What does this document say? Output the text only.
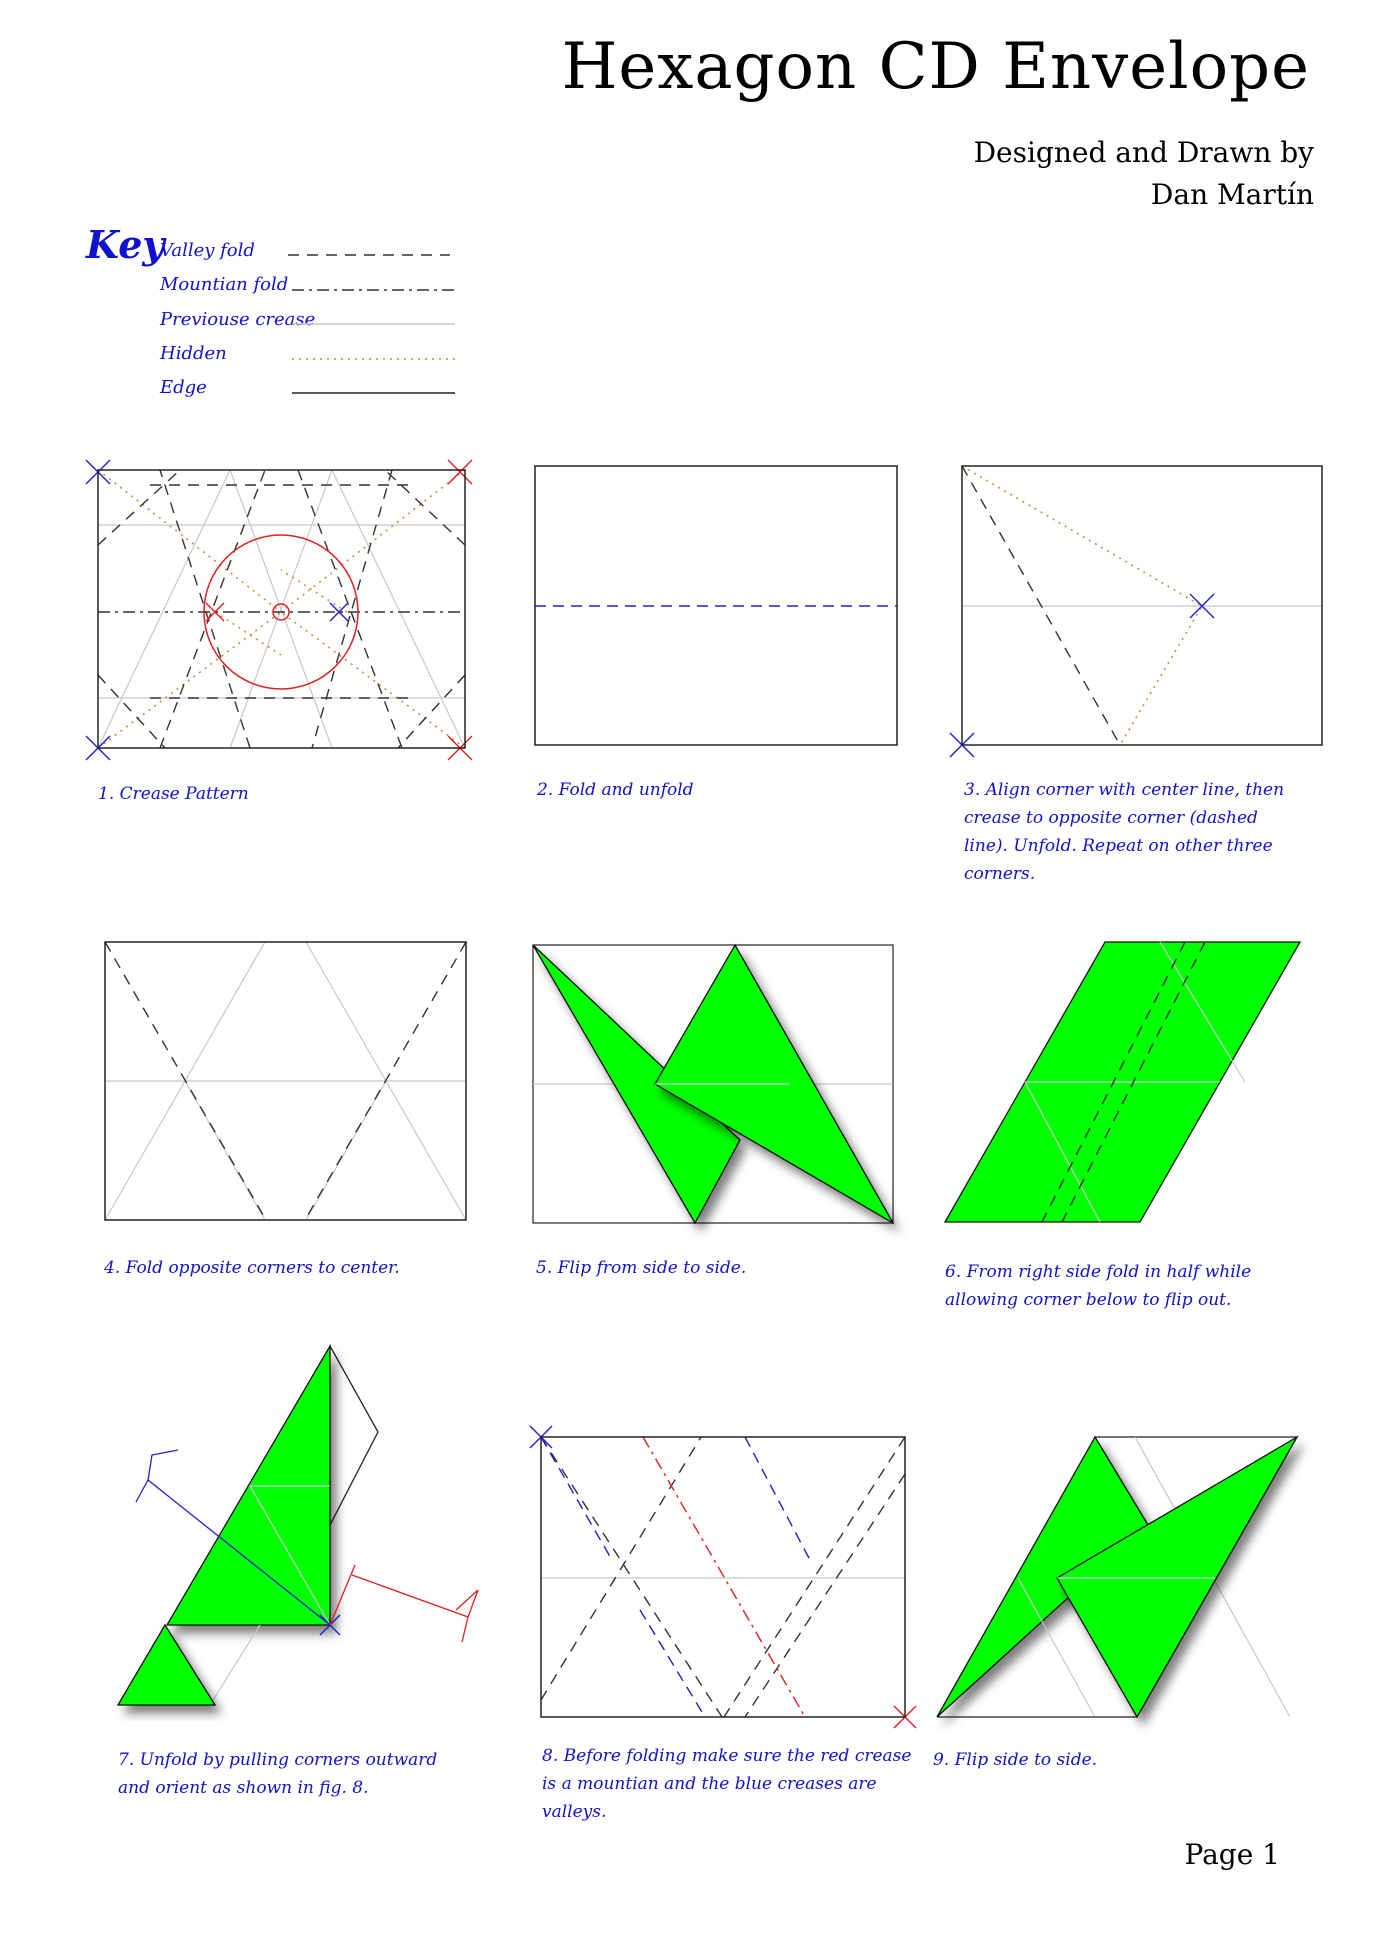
Hexagon CD Envelope
Designed and Drawn by
Dan Martín
Key
Valley fold
Mountian fold
Previouse crease
Hidden
Edge
1. Crease Pattern	2. Fold and unfold	3. Align corner with center line, then crease to opposite corner (dashed line). Unfold. Repeat on other three corners.
4. Fold opposite corners to center.	5. Flip from side to side.	6. From right side fold in half while allowing corner below to flip out.
7. Unfold by pulling corners outward and orient as shown in fig. 8.
8. Before folding make sure the red crease is a mountian and the blue creases are valleys.
9. Flip side to side.
Page 1
